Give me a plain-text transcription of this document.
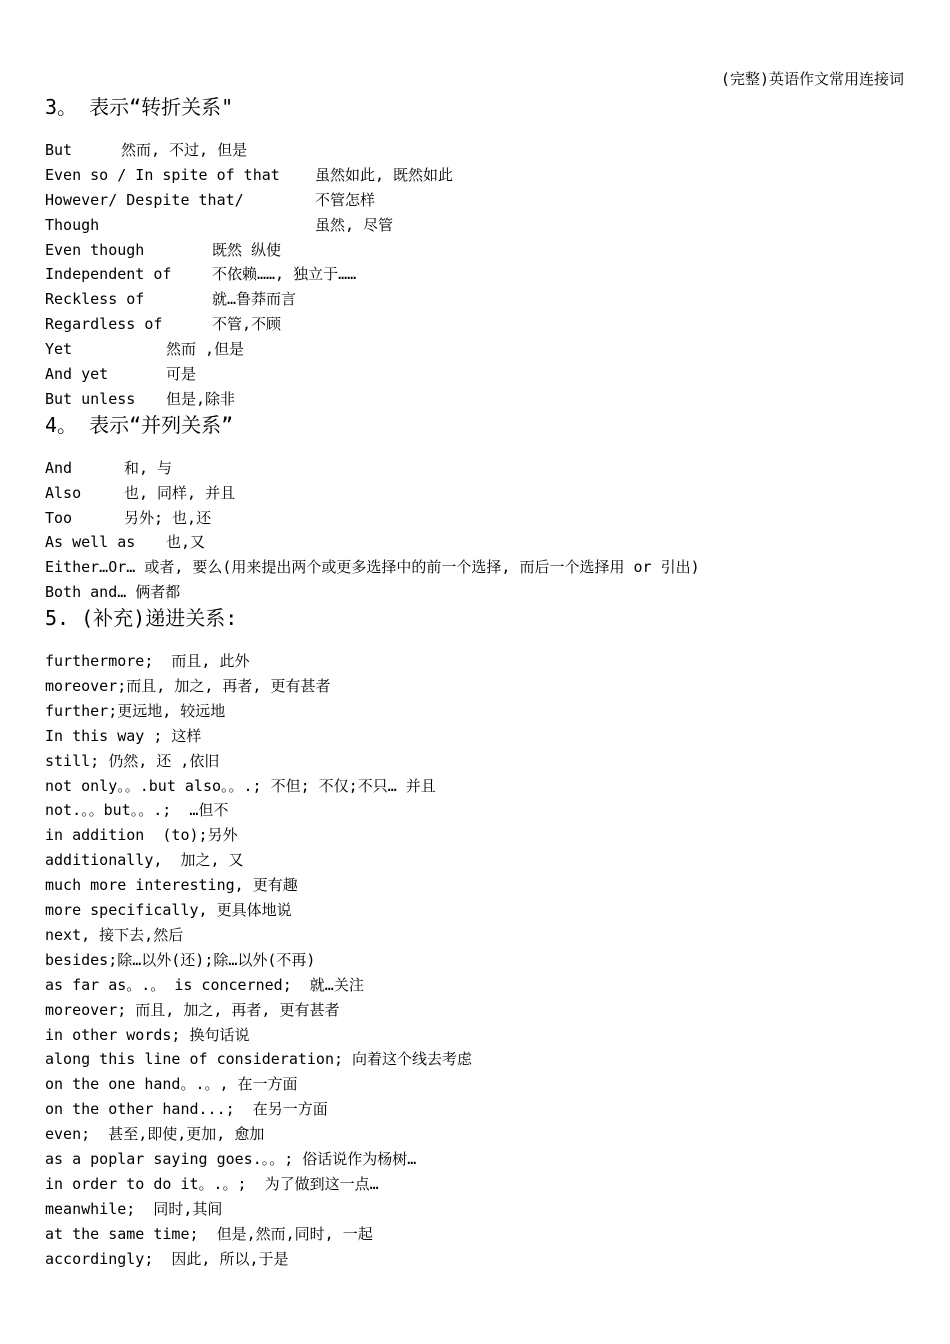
(完整)英语作文常用连接词
3。 表示“转折关系"
But	然而, 不过, 但是
Even so / In spite of that 虽然如此, 既然如此
However/ Despite that/	不管怎样
Though	虽然, 尽管
Even though	既然 纵使
Independent of	不依赖……, 独立于……
Reckless of	就…鲁莽而言
Regardless of	不管,不顾
Yet	然而 ,但是
And yet	可是
But unless 但是,除非
4。 表示“并列关系”
And	和, 与
Also	也, 同样, 并且
Too	另外; 也,还
As well as 也,又
Either…Or… 或者, 要么(用来提出两个或更多选择中的前一个选择, 而后一个选择用 or 引出)
Both and… 俩者都
5. (补充)递进关系:
furthermore;  而且, 此外
moreover;而且, 加之, 再者, 更有甚者
further;更远地, 较远地
In this way ; 这样
still; 仍然, 还 ,依旧
not only。。.but also。。.; 不但; 不仅;不只… 并且
not.。。but。。.;  …但不
in addition  (to);另外
additionally,  加之, 又
much more interesting, 更有趣
more specifically, 更具体地说
next, 接下去,然后
besides;除…以外(还);除…以外(不再)
as far as。.。 is concerned;  就…关注
moreover; 而且, 加之, 再者, 更有甚者
in other words; 换句话说
along this line of consideration; 向着这个线去考虑
on the one hand。.。, 在一方面
on the other hand...;  在另一方面
even;  甚至,即使,更加, 愈加
as a poplar saying goes.。。; 俗话说作为杨树…
in order to do it。.。;  为了做到这一点…
meanwhile;  同时,其间
at the same time;  但是,然而,同时, 一起
accordingly;  因此, 所以,于是
